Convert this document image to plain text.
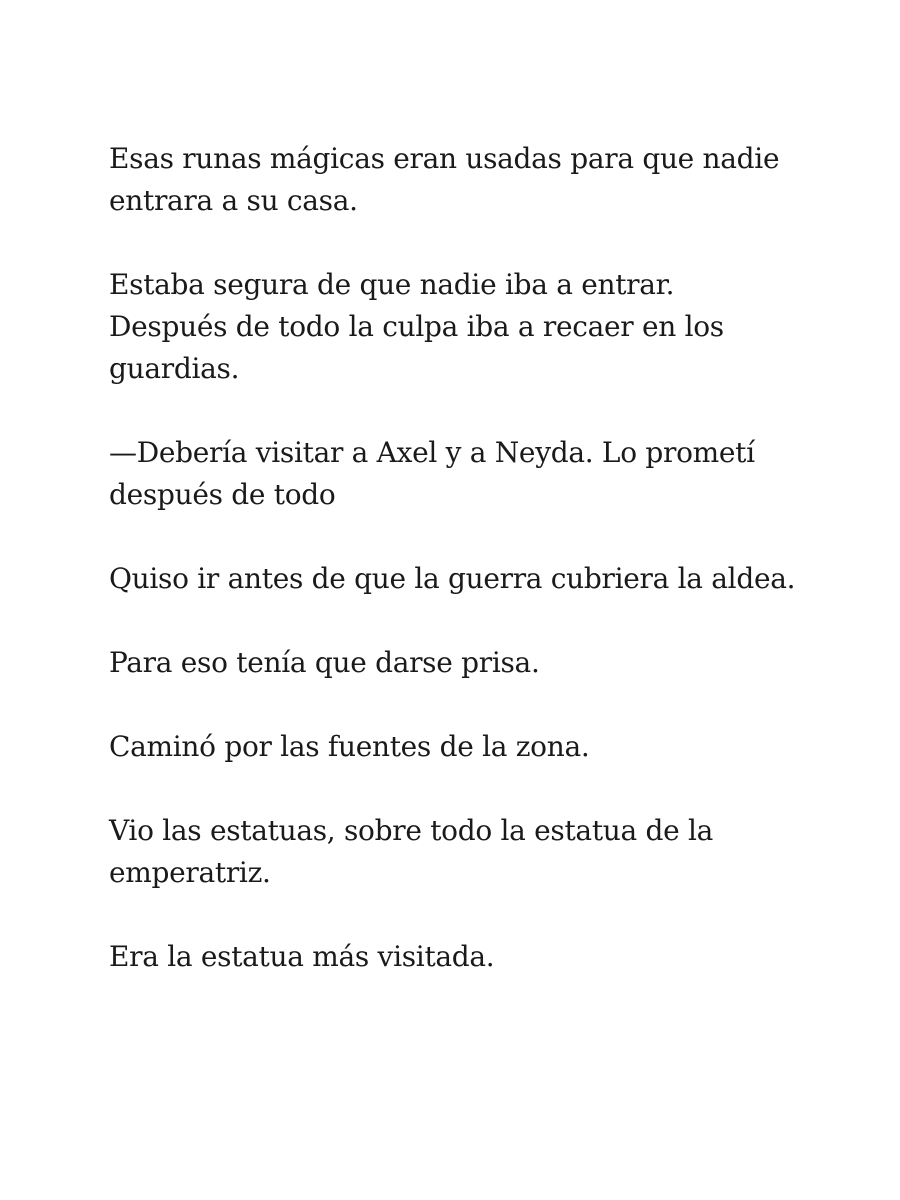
Esas runas mágicas eran usadas para que nadie
entrara a su casa.

Estaba segura de que nadie iba a entrar.
Después de todo la culpa iba a recaer en los
guardias.

—Debería visitar a Axel y a Neyda. Lo prometí
después de todo

Quiso ir antes de que la guerra cubriera la aldea.

Para eso tenía que darse prisa.

Caminó por las fuentes de la zona.

Vio las estatuas, sobre todo la estatua de la
emperatriz.

Era la estatua más visitada.
